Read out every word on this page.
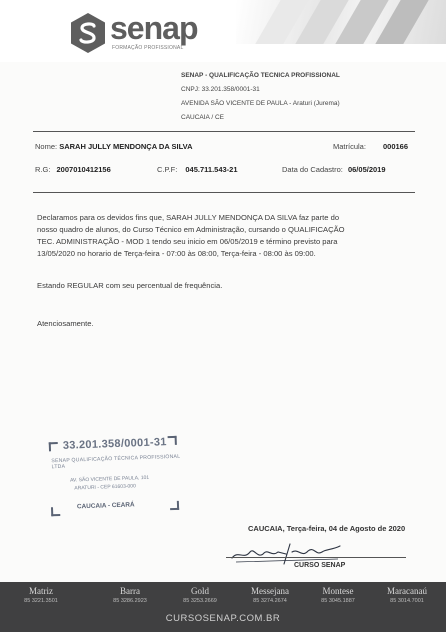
senap
FORMAÇÃO PROFISSIONAL
SENAP - QUALIFICAÇÃO TECNICA PROFISSIONAL
CNPJ: 33.201.358/0001-31
AVENIDA SÃO VICENTE DE PAULA - Araturi (Jurema)
CAUCAIA / CE
Nome: SARAH JULLY MENDONÇA DA SILVA	Matrícula: 000166
R.G: 2007010412156	C.P.F: 045.711.543-21	Data do Cadastro: 06/05/2019
Declaramos para os devidos fins que, SARAH JULLY MENDONÇA DA SILVA faz parte do
nosso quadro de alunos, do Curso Técnico em Administração, cursando o QUALIFICAÇÃO
TEC. ADMINISTRAÇÃO - MOD 1 tendo seu inicio em 06/05/2019 e término previsto para
13/05/2020 no horario de Terça-feira - 07:00 às 08:00, Terça-feira - 08:00 às 09:00.
Estando REGULAR com seu percentual de frequência.
Atenciosamente.
33.201.358/0001-31
SENAP QUALIFICAÇÃO TÉCNICA PROFISSIONAL LTDA
AV. SÃO VICENTE DE PAULA, 101
ARATURI - CEP 61603-000
CAUCAIA - CEARÁ
CAUCAIA, Terça-feira, 04 de Agosto de 2020
CURSO SENAP
Matriz
85 3221.3501
Barra
85 3286.2923
Gold
85 3253.2669
Messejana
85 3274.2674
Montese
85 3045.1887
Maracanaú
85 3014.7001
CURSOSENAP.COM.BR
